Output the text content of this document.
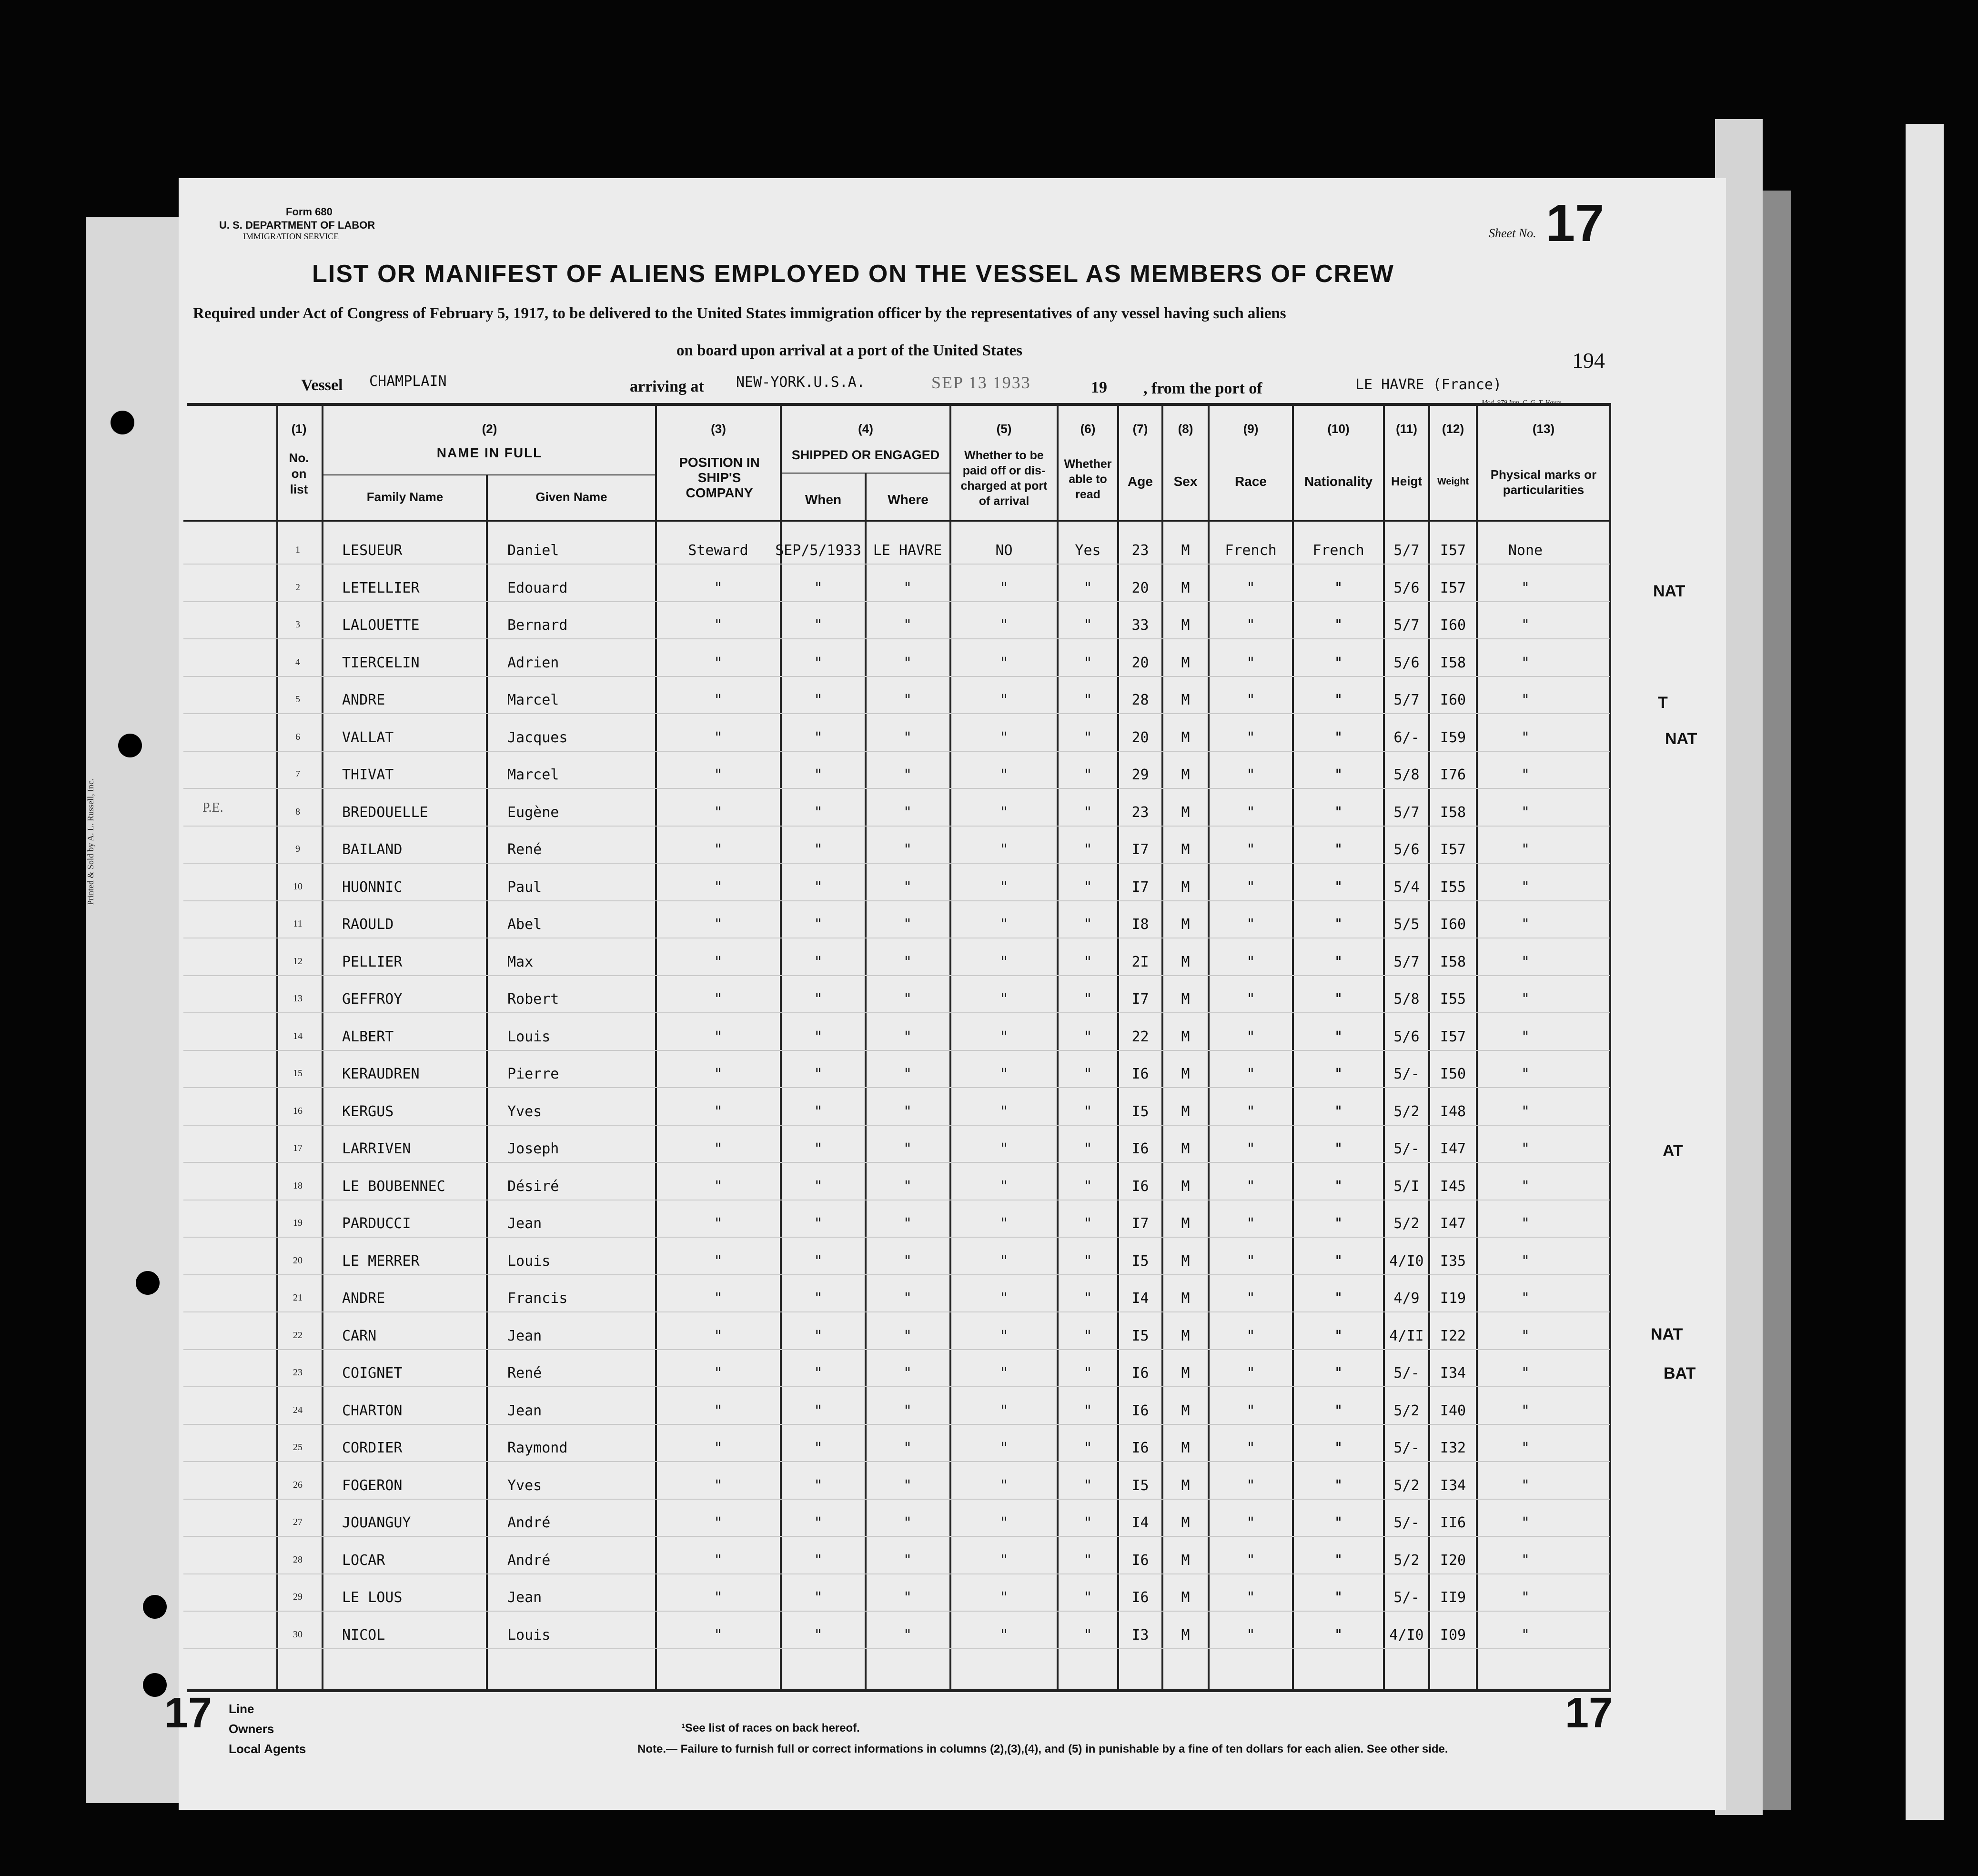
P.E.
Printed & Sold by A. L. Russell, Inc.
Form 680
U. S. DEPARTMENT OF LABOR
IMMIGRATION SERVICE	Sheet No. 17
LIST OR MANIFEST OF ALIENS EMPLOYED ON THE VESSEL AS MEMBERS OF CREW
Required under Act of Congress of February 5, 1917, to be delivered to the United States immigration officer by the representatives of any vessel having such aliens
on board upon arrival at a port of the United States	194
Vessel CHAMPLAIN	arriving at NEW-YORK.U.S.A.	SEP 13 1933	19 , from the port of	LE HAVRE (France)
(1)
No. on list
(2)
NAME IN FULL
Family Name	Given Name
(3)
POSITION IN SHIP'S COMPANY
(4)
SHIPPED OR ENGAGED
When	Where
(5)
Whether to be paid off or dis-charged at port of arrival
(6)
Whether able to read
(7)
Age
(8)
Sex
(9)
Race
(10)
Nationality
(11)
Heigt
(12)
Weight
(13)
Physical marks or particularities
1	LESUEUR	Daniel	Steward	SEP/5/1933 LE HAVRE	NO	Yes	23	M	French	French	5/7	I57	None
2	LETELLIER	Edouard	"	"	"	"	"	20	M	"	"	5/6	I57	"
3	LALOUETTE	Bernard	"	"	"	"	"	33	M	"	"	5/7	I60	"
4	TIERCELIN	Adrien	"	"	"	"	"	20	M	"	"	5/6	I58	"
5	ANDRE	Marcel	"	"	"	"	"	28	M	"	"	5/7	I60	"
6	VALLAT	Jacques	"	"	"	"	"	20	M	"	"	6/-	I59	"
7	THIVAT	Marcel	"	"	"	"	"	29	M	"	"	5/8	I76	"
8	BREDOUELLE	Eugène	"	"	"	"	"	23	M	"	"	5/7	I58	"
9	BAILAND	René	"	"	"	"	"	I7	M	"	"	5/6	I57	"
10	HUONNIC	Paul	"	"	"	"	"	I7	M	"	"	5/4	I55	"
11	RAOULD	Abel	"	"	"	"	"	I8	M	"	"	5/5	I60	"
12	PELLIER	Max	"	"	"	"	"	2I	M	"	"	5/7	I58	"
13	GEFFROY	Robert	"	"	"	"	"	I7	M	"	"	5/8	I55	"
14	ALBERT	Louis	"	"	"	"	"	22	M	"	"	5/6	I57	"
15	KERAUDREN	Pierre	"	"	"	"	"	I6	M	"	"	5/-	I50	"
16	KERGUS	Yves	"	"	"	"	"	I5	M	"	"	5/2	I48	"
17	LARRIVEN	Joseph	"	"	"	"	"	I6	M	"	"	5/-	I47	"
18	LE BOUBENNEC	Désiré	"	"	"	"	"	I6	M	"	"	5/I	I45	"
19	PARDUCCI	Jean	"	"	"	"	"	I7	M	"	"	5/2	I47	"
20	LE MERRER	Louis	"	"	"	"	"	I5	M	"	"	4/I0	I35	"
21	ANDRE	Francis	"	"	"	"	"	I4	M	"	"	4/9	I19	"
22	CARN	Jean	"	"	"	"	"	I5	M	"	"	4/II	I22	"
23	COIGNET	René	"	"	"	"	"	I6	M	"	"	5/-	I34	"
24	CHARTON	Jean	"	"	"	"	"	I6	M	"	"	5/2	I40	"
25	CORDIER	Raymond	"	"	"	"	"	I6	M	"	"	5/-	I32	"
26	FOGERON	Yves	"	"	"	"	"	I5	M	"	"	5/2	I34	"
27	JOUANGUY	André	"	"	"	"	"	I4	M	"	"	5/-	II6	"
28	LOCAR	André	"	"	"	"	"	I6	M	"	"	5/2	I20	"
29	LE LOUS	Jean	"	"	"	"	"	I6	M	"	"	5/-	II9	"
30	NICOL	Louis	"	"	"	"	"	I3	M	"	"	4/I0	I09	"
NAT
T
NAT
AT
NAT
BAT
17	17
Line
Owners
Local Agents
¹See list of races on back hereof.
Note.— Failure to furnish full or correct informations in columns (2),(3),(4), and (5) in punishable by a fine of ten dollars for each alien. See other side.
